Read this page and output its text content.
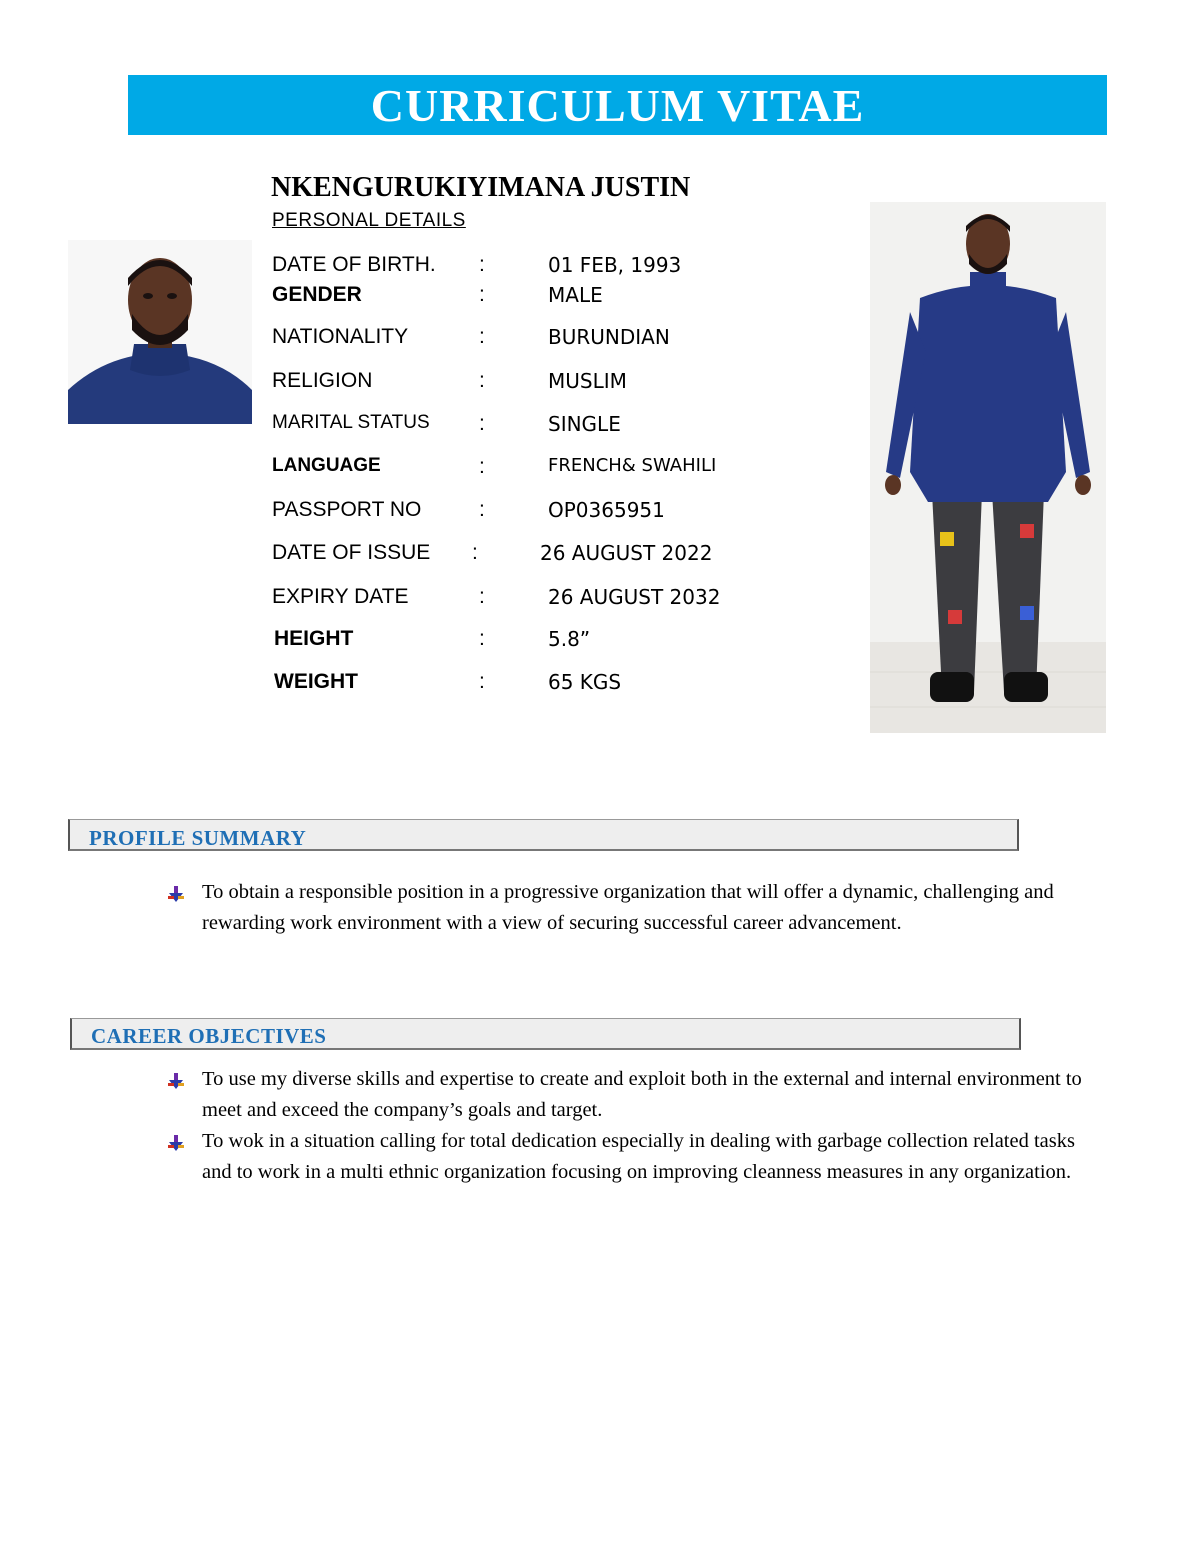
CURRICULUM VITAE
NKENGURUKIYIMANA JUSTIN
PERSONAL DETAILS
DATE OF BIRTH. :	01 FEB, 1993
GENDER	:	MALE
NATIONALITY	:	BURUNDIAN
RELIGION	:	MUSLIM
MARITAL STATUS :	SINGLE
LANGUAGE	:	FRENCH& SWAHILI
PASSPORT NO	:	OP0365951
DATE OF ISSUE :	26 AUGUST 2022
EXPIRY DATE	:	26 AUGUST 2032
HEIGHT	:	5.8”
WEIGHT	:	65 KGS
PROFILE SUMMARY
To obtain a responsible position in a progressive organization that will offer a dynamic, challenging and rewarding work environment with a view of securing successful career advancement.
CAREER OBJECTIVES
To use my diverse skills and expertise to create and exploit both in the external and internal environment to meet and exceed the company’s goals and target.
To wok in a situation calling for total dedication especially in dealing with garbage collection related tasks and to work in a multi ethnic organization focusing on improving cleanness measures in any organization.
